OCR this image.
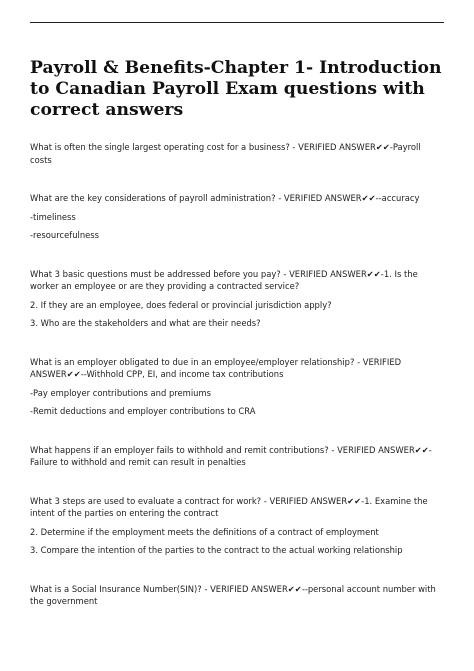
Payroll & Benefits-Chapter 1- Introduction to Canadian Payroll Exam questions with correct answers

What is often the single largest operating cost for a business? - VERIFIED ANSWER✔✔-Payroll costs

What are the key considerations of payroll administration? - VERIFIED ANSWER✔✔--accuracy

-timeliness

-resourcefulness

What 3 basic questions must be addressed before you pay? - VERIFIED ANSWER✔✔-1. Is the worker an employee or are they providing a contracted service?

2. If they are an employee, does federal or provincial jurisdiction apply?

3. Who are the stakeholders and what are their needs?

What is an employer obligated to due in an employee/employer relationship? - VERIFIED ANSWER✔✔--Withhold CPP, EI, and income tax contributions

-Pay employer contributions and premiums

-Remit deductions and employer contributions to CRA

What happens if an employer fails to withhold and remit contributions? - VERIFIED ANSWER✔✔-Failure to withhold and remit can result in penalties

What 3 steps are used to evaluate a contract for work? - VERIFIED ANSWER✔✔-1. Examine the intent of the parties on entering the contract

2. Determine if the employment meets the definitions of a contract of employment

3. Compare the intention of the parties to the contract to the actual working relationship

What is a Social Insurance Number(SIN)? - VERIFIED ANSWER✔✔--personal account number with the government
